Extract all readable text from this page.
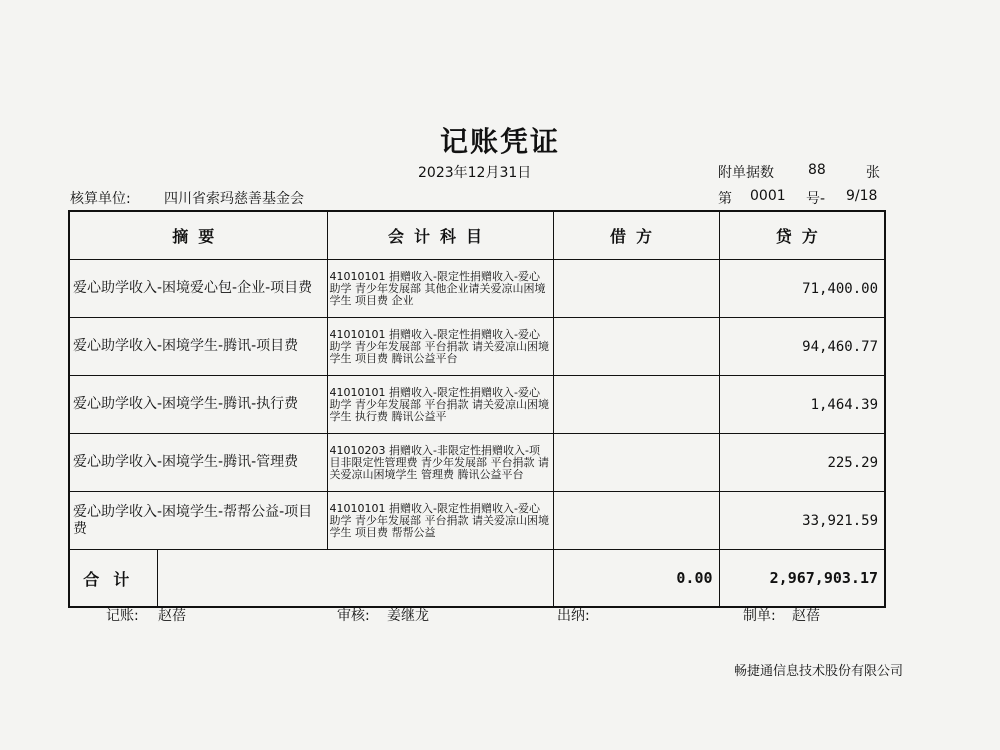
记账凭证
2023年12月31日	附单据数 88	张
核算单位: 四川省索玛慈善基金会	第 0001 号- 9/18
摘要		会计科目	借方	贷方
爱心助学收入-困境爱心包-企业-项目费		41010101 捐赠收入-限定性捐赠收入-爱心助学 青少年发展部 其他企业请关爱凉山困境学生 项目费 企业		71,400.00
爱心助学收入-困境学生-腾讯-项目费		41010101 捐赠收入-限定性捐赠收入-爱心助学 青少年发展部 平台捐款 请关爱凉山困境学生 项目费 腾讯公益平台		94,460.77
爱心助学收入-困境学生-腾讯-执行费		41010101 捐赠收入-限定性捐赠收入-爱心助学 青少年发展部 平台捐款 请关爱凉山困境学生 执行费 腾讯公益平		1,464.39
爱心助学收入-困境学生-腾讯-管理费		41010203 捐赠收入-非限定性捐赠收入-项目非限定性管理费 青少年发展部 平台捐款 请关爱凉山困境学生 管理费 腾讯公益平台		225.29
爱心助学收入-困境学生-帮帮公益-项目费		41010101 捐赠收入-限定性捐赠收入-爱心助学 青少年发展部 平台捐款 请关爱凉山困境学生 项目费 帮帮公益		33,921.59
合计			0.00	2,967,903.17
记账: 赵蓓	审核: 姜继龙	出纳:	制单: 赵蓓
畅捷通信息技术股份有限公司
